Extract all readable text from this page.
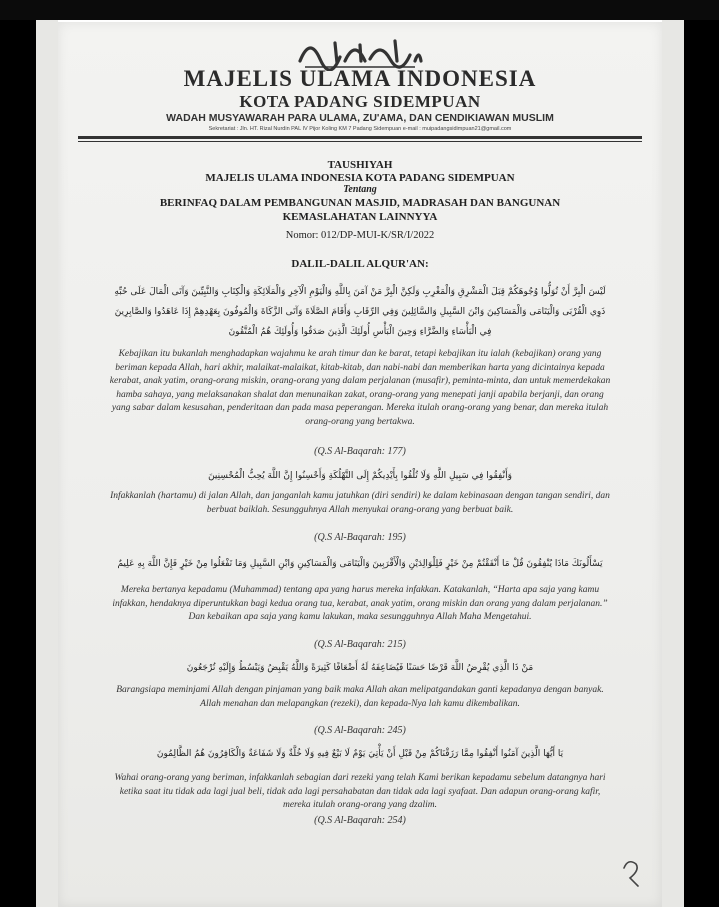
MAJELIS ULAMA INDONESIA
KOTA PADANG SIDEMPUAN
WADAH MUSYAWARAH PARA ULAMA, ZU'AMA, DAN CENDIKIAWAN MUSLIM
Sekretariat : Jln. HT. Rizal Nurdin PAL IV Pijor Koling KM 7 Padang Sidempuan e-mail : muipadangsidimpuan21@gmail.com
TAUSHIYAH
MAJELIS ULAMA INDONESIA KOTA PADANG SIDEMPUAN
Tentang
BERINFAQ DALAM PEMBANGUNAN MASJID, MADRASAH DAN BANGUNAN
KEMASLAHATAN LAINNYYA
Nomor: 012/DP-MUI-K/SR/I/2022
DALIL-DALIL ALQUR'AN:
لَيْسَ الْبِرَّ أَنْ تُوَلُّوا وُجُوهَكُمْ قِبَلَ الْمَشْرِقِ وَالْمَغْرِبِ وَلَكِنَّ الْبِرَّ مَنْ آمَنَ بِاللَّهِ وَالْيَوْمِ الْآخِرِ وَالْمَلَائِكَةِ وَالْكِتَابِ وَالنَّبِيِّينَ وَآتَى الْمَالَ عَلَى حُبِّهِ ذَوِي الْقُرْبَى وَالْيَتَامَى وَالْمَسَاكِينَ وَابْنَ السَّبِيلِ وَالسَّائِلِينَ وَفِي الرِّقَابِ وَأَقَامَ الصَّلَاةَ وَآتَى الزَّكَاةَ وَالْمُوفُونَ بِعَهْدِهِمْ إِذَا عَاهَدُوا وَالصَّابِرِينَ فِي الْبَأْسَاءِ وَالضَّرَّاءِ وَحِينَ الْبَأْسِ أُولَئِكَ الَّذِينَ صَدَقُوا وَأُولَئِكَ هُمُ الْمُتَّقُونَ
Kebajikan itu bukanlah menghadapkan wajahmu ke arah timur dan ke barat, tetapi kebajikan itu ialah (kebajikan) orang yang beriman kepada Allah, hari akhir, malaikat-malaikat, kitab-kitab, dan nabi-nabi dan memberikan harta yang dicintainya kepada kerabat, anak yatim, orang-orang miskin, orang-orang yang dalam perjalanan (musafir), peminta-minta, dan untuk memerdekakan hamba sahaya, yang melaksanakan shalat dan menunaikan zakat, orang-orang yang menepati janji apabila berjanji, dan orang yang sabar dalam kesusahan, penderitaan dan pada masa peperangan. Mereka itulah orang-orang yang benar, dan mereka itulah orang-orang yang bertakwa.
(Q.S Al-Baqarah: 177)
وَأَنْفِقُوا فِي سَبِيلِ اللَّهِ وَلَا تُلْقُوا بِأَيْدِيكُمْ إِلَى التَّهْلُكَةِ وَأَحْسِنُوا إِنَّ اللَّهَ يُحِبُّ الْمُحْسِنِينَ
Infakkanlah (hartamu) di jalan Allah, dan janganlah kamu jatuhkan (diri sendiri) ke dalam kebinasaan dengan tangan sendiri, dan berbuat baiklah. Sesungguhnya Allah menyukai orang-orang yang berbuat baik.
(Q.S Al-Baqarah: 195)
يَسْأَلُونَكَ مَاذَا يُنْفِقُونَ قُلْ مَا أَنْفَقْتُمْ مِنْ خَيْرٍ فَلِلْوَالِدَيْنِ وَالْأَقْرَبِينَ وَالْيَتَامَى وَالْمَسَاكِينِ وَابْنِ السَّبِيلِ وَمَا تَفْعَلُوا مِنْ خَيْرٍ فَإِنَّ اللَّهَ بِهِ عَلِيمٌ
Mereka bertanya kepadamu (Muhammad) tentang apa yang harus mereka infakkan. Katakanlah, “Harta apa saja yang kamu infakkan, hendaknya diperuntukkan bagi kedua orang tua, kerabat, anak yatim, orang miskin dan orang yang dalam perjalanan.” Dan kebaikan apa saja yang kamu lakukan, maka sesungguhnya Allah Maha Mengetahui.
(Q.S Al-Baqarah: 215)
مَنْ ذَا الَّذِي يُقْرِضُ اللَّهَ قَرْضًا حَسَنًا فَيُضَاعِفَهُ لَهُ أَضْعَافًا كَثِيرَةً وَاللَّهُ يَقْبِضُ وَيَبْسُطُ وَإِلَيْهِ تُرْجَعُونَ
Barangsiapa meminjami Allah dengan pinjaman yang baik maka Allah akan melipatgandakan ganti kepadanya dengan banyak. Allah menahan dan melapangkan (rezeki), dan kepada-Nya lah kamu dikembalikan.
(Q.S Al-Baqarah: 245)
يَا أَيُّهَا الَّذِينَ آمَنُوا أَنْفِقُوا مِمَّا رَزَقْنَاكُمْ مِنْ قَبْلِ أَنْ يَأْتِيَ يَوْمٌ لَا بَيْعٌ فِيهِ وَلَا خُلَّةٌ وَلَا شَفَاعَةٌ وَالْكَافِرُونَ هُمُ الظَّالِمُونَ
Wahai orang-orang yang beriman, infakkanlah sebagian dari rezeki yang telah Kami berikan kepadamu sebelum datangnya hari ketika saat itu tidak ada lagi jual beli, tidak ada lagi persahabatan dan tidak ada lagi syafaat. Dan adapun orang-orang kafir, mereka itulah orang-orang yang dzalim.
(Q.S Al-Baqarah: 254)
